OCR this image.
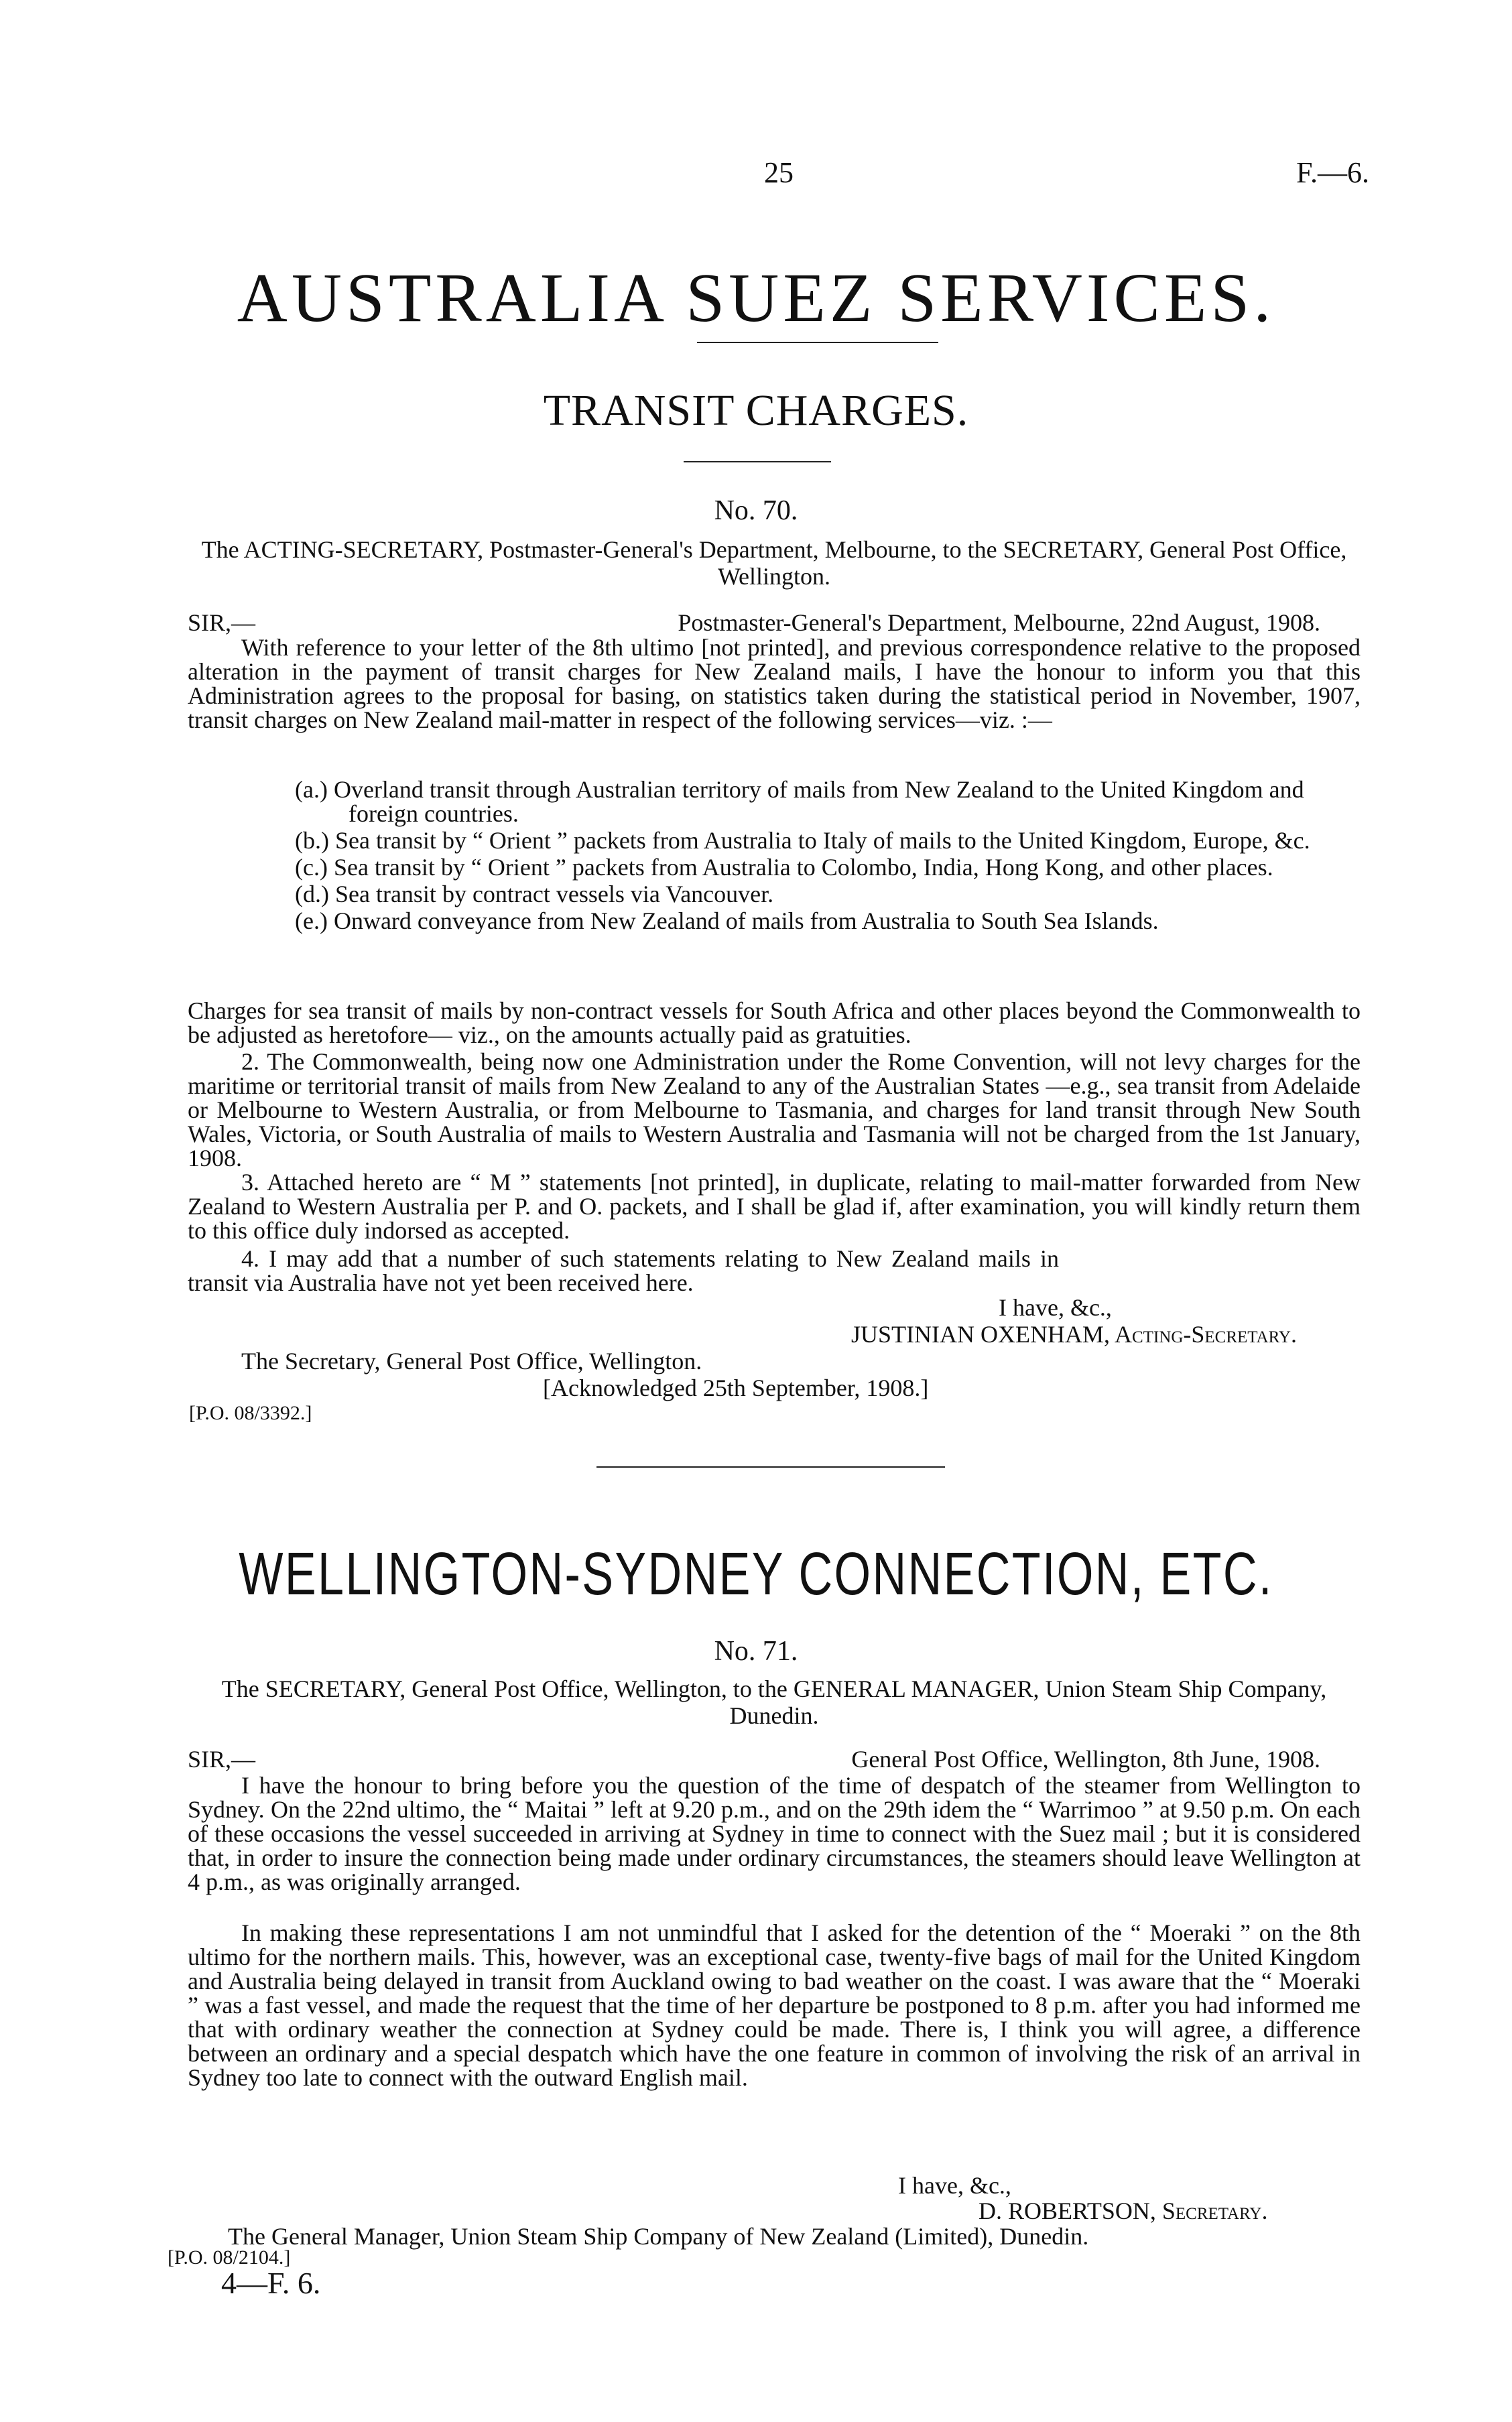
25	F.—6.
AUSTRALIA SUEZ SERVICES.
TRANSIT CHARGES.
No. 70.
The ACTING-SECRETARY, Postmaster-General's Department, Melbourne, to the SECRETARY, General Post Office, Wellington.
SIR,—	Postmaster-General's Department, Melbourne, 22nd August, 1908.

With reference to your letter of the 8th ultimo [not printed], and previous correspondence relative to the proposed alteration in the payment of transit charges for New Zealand mails, I have the honour to inform you that this Administration agrees to the proposal for basing, on statistics taken during the statistical period in November, 1907, transit charges on New Zealand mail-matter in respect of the following services—viz. :—

(a.) Overland transit through Australian territory of mails from New Zealand to the United Kingdom and foreign countries.
(b.) Sea transit by “ Orient ” packets from Australia to Italy of mails to the United Kingdom, Europe, &c.
(c.) Sea transit by “ Orient ” packets from Australia to Colombo, India, Hong Kong, and other places.
(d.) Sea transit by contract vessels via Vancouver.
(e.) Onward conveyance from New Zealand of mails from Australia to South Sea Islands.

Charges for sea transit of mails by non-contract vessels for South Africa and other places beyond the Commonwealth to be adjusted as heretofore— viz., on the amounts actually paid as gratuities.

2. The Commonwealth, being now one Administration under the Rome Convention, will not levy charges for the maritime or territorial transit of mails from New Zealand to any of the Australian States —e.g., sea transit from Adelaide or Melbourne to Western Australia, or from Melbourne to Tasmania, and charges for land transit through New South Wales, Victoria, or South Australia of mails to Western Australia and Tasmania will not be charged from the 1st January, 1908.

3. Attached hereto are “ M ” statements [not printed], in duplicate, relating to mail-matter forwarded from New Zealand to Western Australia per P. and O. packets, and I shall be glad if, after examination, you will kindly return them to this office duly indorsed as accepted.

4. I may add that a number of such statements relating to New Zealand mails in transit via Australia have not yet been received here.

I have, &c.,
JUSTINIAN OXENHAM, Acting-Secretary.
The Secretary, General Post Office, Wellington.
[Acknowledged 25th September, 1908.]
[P.O. 08/3392.]
WELLINGTON-SYDNEY CONNECTION, ETC.
No. 71.
The SECRETARY, General Post Office, Wellington, to the GENERAL MANAGER, Union Steam Ship Company, Dunedin.
SIR,—	General Post Office, Wellington, 8th June, 1908.

I have the honour to bring before you the question of the time of despatch of the steamer from Wellington to Sydney. On the 22nd ultimo, the “ Maitai ” left at 9.20 p.m., and on the 29th idem the “ Warrimoo ” at 9.50 p.m. On each of these occasions the vessel succeeded in arriving at Sydney in time to connect with the Suez mail ; but it is considered that, in order to insure the connection being made under ordinary circumstances, the steamers should leave Wellington at 4 p.m., as was originally arranged.

In making these representations I am not unmindful that I asked for the detention of the “ Moeraki ” on the 8th ultimo for the northern mails. This, however, was an exceptional case, twenty-five bags of mail for the United Kingdom and Australia being delayed in transit from Auckland owing to bad weather on the coast. I was aware that the “ Moeraki ” was a fast vessel, and made the request that the time of her departure be postponed to 8 p.m. after you had informed me that with ordinary weather the connection at Sydney could be made. There is, I think you will agree, a difference between an ordinary and a special despatch which have the one feature in common of involving the risk of an arrival in Sydney too late to connect with the outward English mail.

I have, &c.,
D. ROBERTSON, Secretary.
The General Manager, Union Steam Ship Company of New Zealand (Limited), Dunedin.
[P.O. 08/2104.]
4—F. 6.
